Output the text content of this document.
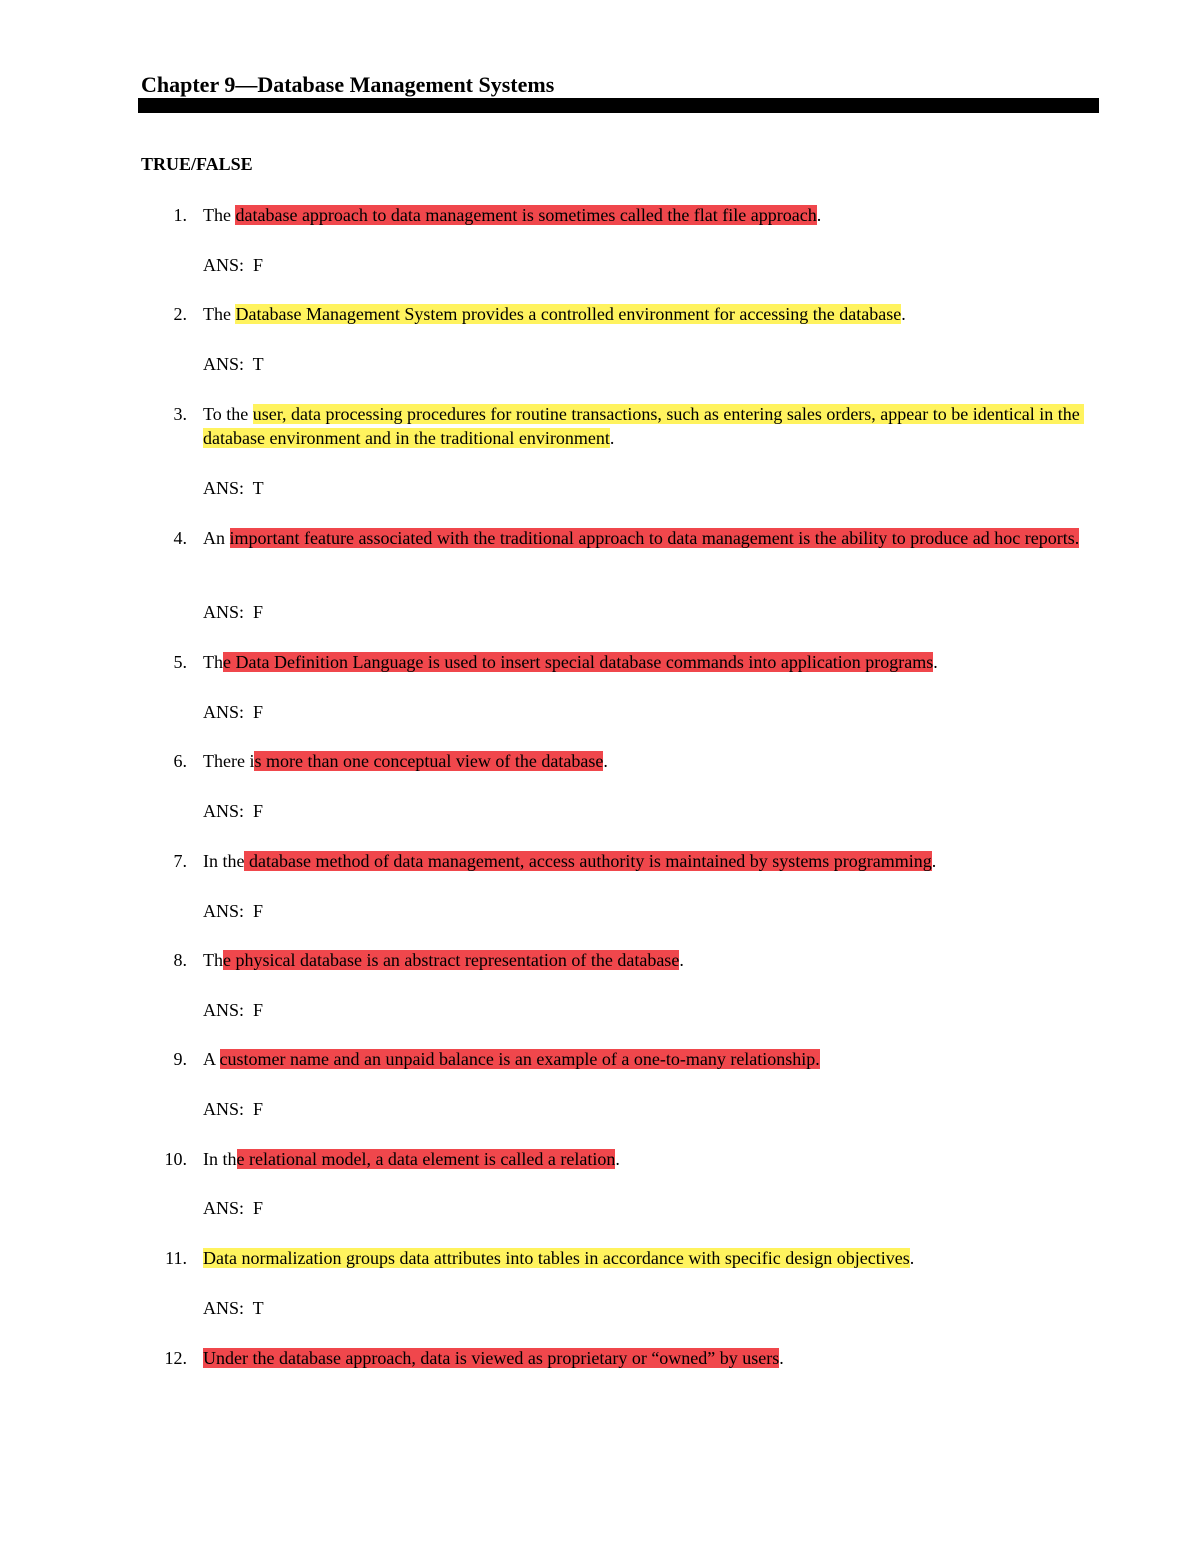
Chapter 9—Database Management Systems
TRUE/FALSE
1. The database approach to data management is sometimes called the flat file approach.
ANS:  F
2. The Database Management System provides a controlled environment for accessing the database.
ANS:  T
3. To the user, data processing procedures for routine transactions, such as entering sales orders, appear to be identical in the database environment and in the traditional environment.
ANS:  T
4. An important feature associated with the traditional approach to data management is the ability to produce ad hoc reports.
ANS:  F
5. The Data Definition Language is used to insert special database commands into application programs.
ANS:  F
6. There is more than one conceptual view of the database.
ANS:  F
7. In the database method of data management, access authority is maintained by systems programming.
ANS:  F
8. The physical database is an abstract representation of the database.
ANS:  F
9. A customer name and an unpaid balance is an example of a one-to-many relationship.
ANS:  F
10. In the relational model, a data element is called a relation.
ANS:  F
11. Data normalization groups data attributes into tables in accordance with specific design objectives.
ANS:  T
12. Under the database approach, data is viewed as proprietary or “owned” by users.
